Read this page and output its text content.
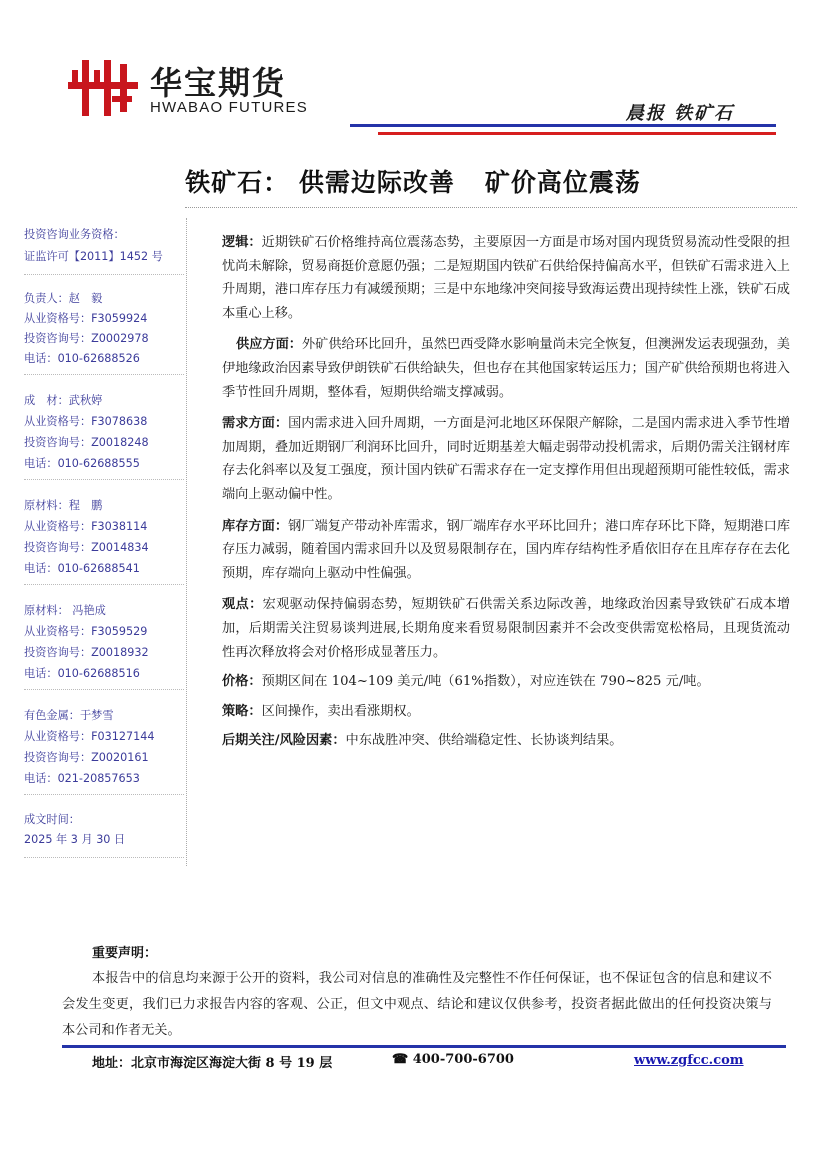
华宝期货
HWABAO FUTURES	晨报 铁矿石
铁矿石： 供需边际改善 矿价高位震荡
投资咨询业务资格：
证监许可【2011】1452 号
负责人：赵　毅
从业资格号：F3059924
投资咨询号：Z0002978
电话：010-62688526
成　材：武秋婷
从业资格号：F3078638
投资咨询号：Z0018248
电话：010-62688555
原材料：程　鹏
从业资格号：F3038114
投资咨询号：Z0014834
电话：010-62688541
原材料： 冯艳成
从业资格号：F3059529
投资咨询号：Z0018932
电话：010-62688516
有色金属：于梦雪
从业资格号：F03127144
投资咨询号：Z0020161
电话：021-20857653
成文时间：
2025 年 3 月 30 日

逻辑：近期铁矿石价格维持高位震荡态势，主要原因一方面是市场对国内现货贸易流动性受限的担忧尚未解除，贸易商挺价意愿仍强；二是短期国内铁矿石供给保持偏高水平，但铁矿石需求进入上升周期，港口库存压力有减缓预期；三是中东地缘冲突间接导致海运费出现持续性上涨，铁矿石成本重心上移。

供应方面：外矿供给环比回升，虽然巴西受降水影响量尚未完全恢复，但澳洲发运表现强劲，美伊地缘政治因素导致伊朗铁矿石供给缺失，但也存在其他国家转运压力；国产矿供给预期也将进入季节性回升周期，整体看，短期供给端支撑减弱。

需求方面：国内需求进入回升周期，一方面是河北地区环保限产解除，二是国内需求进入季节性增加周期，叠加近期钢厂利润环比回升，同时近期基差大幅走弱带动投机需求，后期仍需关注钢材库存去化斜率以及复工强度，预计国内铁矿石需求存在一定支撑作用但出现超预期可能性较低，需求端向上驱动偏中性。

库存方面：钢厂端复产带动补库需求，钢厂端库存水平环比回升；港口库存环比下降，短期港口库存压力减弱，随着国内需求回升以及贸易限制存在，国内库存结构性矛盾依旧存在且库存存在去化预期，库存端向上驱动中性偏强。

观点：宏观驱动保持偏弱态势，短期铁矿石供需关系边际改善，地缘政治因素导致铁矿石成本增加，后期需关注贸易谈判进展,长期角度来看贸易限制因素并不会改变供需宽松格局，且现货流动性再次释放将会对价格形成显著压力。

价格：预期区间在 104~109 美元/吨（61%指数），对应连铁在 790~825 元/吨。

策略：区间操作，卖出看涨期权。

后期关注/风险因素：中东战胜冲突、供给端稳定性、长协谈判结果。

重要声明：
本报告中的信息均来源于公开的资料，我公司对信息的准确性及完整性不作任何保证，也不保证包含的信息和建议不会发生变更，我们已力求报告内容的客观、公正，但文中观点、结论和建议仅供参考，投资者据此做出的任何投资决策与本公司和作者无关。
地址：北京市海淀区海淀大街 8 号 19 层	☎ 400-700-6700	www.zgfcc.com
